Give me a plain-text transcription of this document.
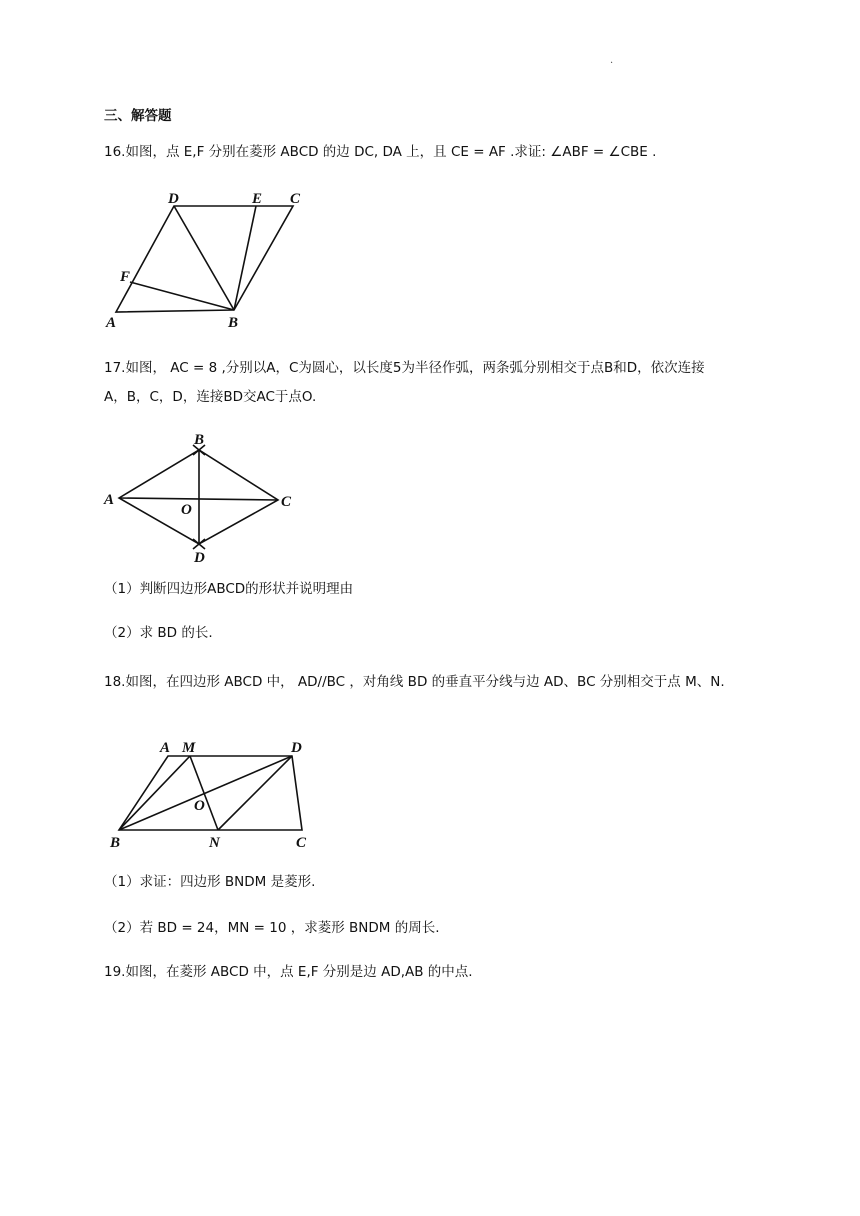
·
三、解答题
16.如图，点 E,F 分别在菱形 ABCD 的边 DC, DA 上，且 CE = AF .求证: ∠ABF = ∠CBE .
D	E C
F
A	B
17.如图， AC = 8 ,分别以A，C为圆心，以长度5为半径作弧，两条弧分别相交于点B和D，依次连接
A，B，C，D，连接BD交AC于点O.
B
A
O	C
D
（1）判断四边形ABCD的形状并说明理由
（2）求 BD 的长.
18.如图，在四边形 ABCD 中， AD//BC ，对角线 BD 的垂直平分线与边 AD、BC 分别相交于点 M、N.
A M	D
O
B	N	C
（1）求证：四边形 BNDM 是菱形.
（2）若 BD = 24，MN = 10 ，求菱形 BNDM 的周长.
19.如图，在菱形 ABCD 中，点 E,F 分别是边 AD,AB 的中点.
